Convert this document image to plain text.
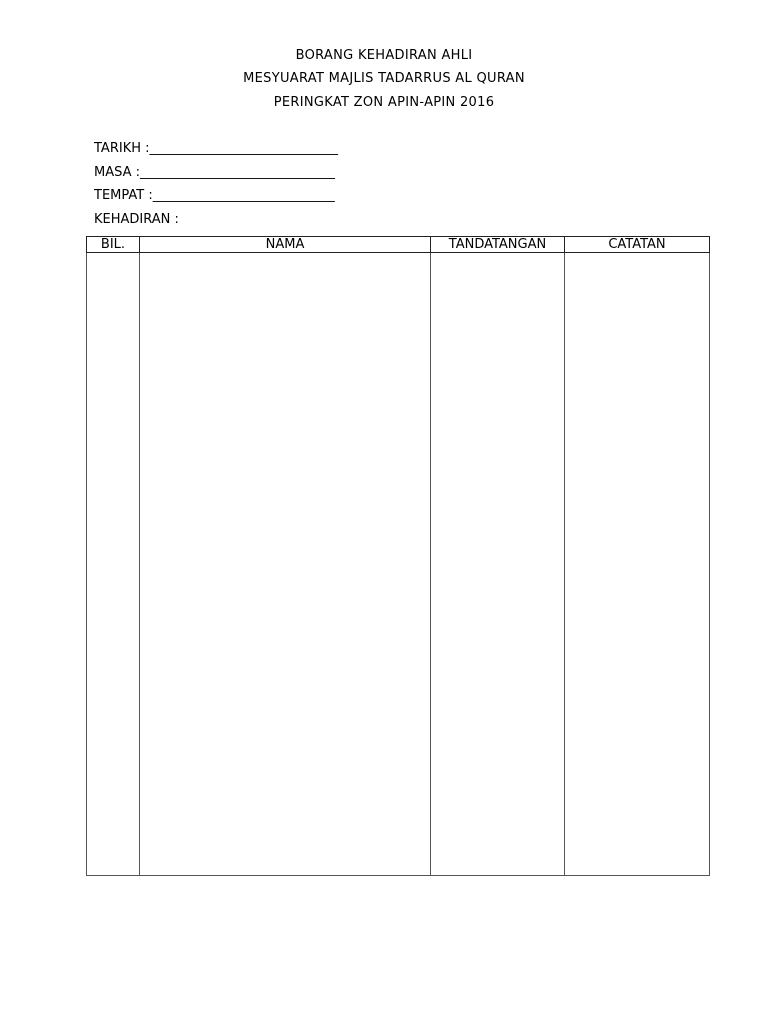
BORANG KEHADIRAN AHLI
MESYUARAT MAJLIS TADARRUS AL QURAN
PERINGKAT ZON APIN-APIN 2016
TARIKH :_____________________________
MASA :______________________________
TEMPAT :____________________________
KEHADIRAN :
BIL.	NAMA	TANDATANGAN	CATATAN
